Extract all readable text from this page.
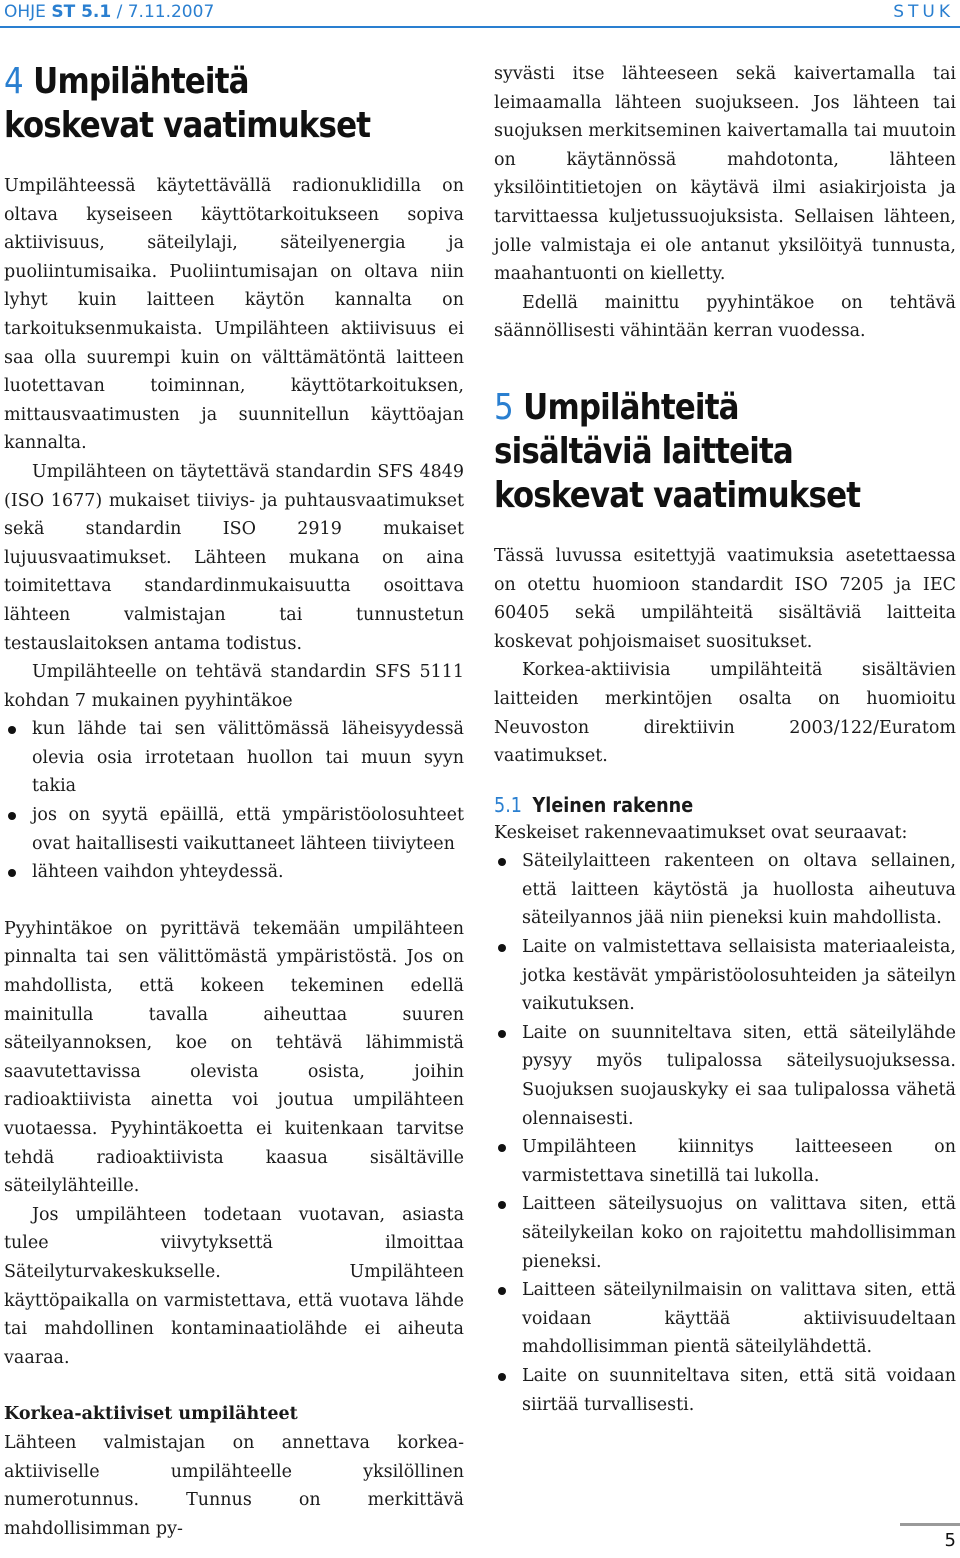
OHJE ST 5.1 / 7.11.2007	STUK
4 Umpilähteitä
koskevat vaatimukset

Umpilähteessä käytettävällä radionuklidilla on oltava kyseiseen käyttötarkoitukseen sopiva aktiivisuus, säteilylaji, säteilyenergia ja puoliintumisaika. Puoliintumisajan on oltava niin lyhyt kuin laitteen käytön kannalta on tarkoituksenmukaista. Umpilähteen aktiivisuus ei saa olla suurempi kuin on välttämätöntä laitteen luotettavan toiminnan, käyttötarkoituksen, mittausvaatimusten ja suunnitellun käyttöajan kannalta.

Umpilähteen on täytettävä standardin SFS 4849 (ISO 1677) mukaiset tiiviys- ja puhtausvaatimukset sekä standardin ISO 2919 mukaiset lujuusvaatimukset. Lähteen mukana on aina toimitettava standardinmukaisuutta osoittava lähteen valmistajan tai tunnustetun testauslaitoksen antama todistus.

Umpilähteelle on tehtävä standardin SFS 5111 kohdan 7 mukainen pyyhintäkoe

kun lähde tai sen välittömässä läheisyydessä olevia osia irrotetaan huollon tai muun syyn takia
jos on syytä epäillä, että ympäristöolosuhteet ovat haitallisesti vaikuttaneet lähteen tiiviyteen
lähteen vaihdon yhteydessä.

Pyyhintäkoe on pyrittävä tekemään umpilähteen pinnalta tai sen välittömästä ympäristöstä. Jos on mahdollista, että kokeen tekeminen edellä mainitulla tavalla aiheuttaa suuren säteilyannoksen, koe on tehtävä lähimmistä saavutettavissa olevista osista, joihin radioaktiivista ainetta voi joutua umpilähteen vuotaessa. Pyyhintäkoetta ei kuitenkaan tarvitse tehdä radioaktiivista kaasua sisältäville säteilylähteille.

Jos umpilähteen todetaan vuotavan, asiasta tulee viivytyksettä ilmoittaa Säteilyturvakeskukselle. Umpilähteen käyttöpaikalla on varmistettava, että vuotava lähde tai mahdollinen kontaminaatiolähde ei aiheuta vaaraa.

Korkea-aktiiviset umpilähteet

Lähteen valmistajan on annettava korkea-aktiiviselle umpilähteelle yksilöllinen numerotunnus. Tunnus on merkittävä mahdollisimman py-

syvästi itse lähteeseen sekä kaivertamalla tai leimaamalla lähteen suojukseen. Jos lähteen tai suojuksen merkitseminen kaivertamalla tai muutoin on käytännössä mahdotonta, lähteen yksilöintitietojen on käytävä ilmi asiakirjoista ja tarvittaessa kuljetussuojuksista. Sellaisen lähteen, jolle valmistaja ei ole antanut yksilöityä tunnusta, maahantuonti on kielletty.

Edellä mainittu pyyhintäkoe on tehtävä säännöllisesti vähintään kerran vuodessa.

5 Umpilähteitä
sisältäviä laitteita
koskevat vaatimukset

Tässä luvussa esitettyjä vaatimuksia asetettaessa on otettu huomioon standardit ISO 7205 ja IEC 60405 sekä umpilähteitä sisältäviä laitteita koskevat pohjoismaiset suositukset.

Korkea-aktiivisia umpilähteitä sisältävien laitteiden merkintöjen osalta on huomioitu Neuvoston direktiivin 2003/122/Euratom vaatimukset.

5.1 Yleinen rakenne

Keskeiset rakennevaatimukset ovat seuraavat:

Säteilylaitteen rakenteen on oltava sellainen, että laitteen käytöstä ja huollosta aiheutuva säteilyannos jää niin pieneksi kuin mahdollista.
Laite on valmistettava sellaisista materiaaleista, jotka kestävät ympäristöolosuhteiden ja säteilyn vaikutuksen.
Laite on suunniteltava siten, että säteilylähde pysyy myös tulipalossa säteilysuojuksessa. Suojuksen suojauskyky ei saa tulipalossa vähetä olennaisesti.
Umpilähteen kiinnitys laitteeseen on varmistettava sinetillä tai lukolla.
Laitteen säteilysuojus on valittava siten, että säteilykeilan koko on rajoitettu mahdollisimman pieneksi.
Laitteen säteilynilmaisin on valittava siten, että voidaan käyttää aktiivisuudeltaan mahdollisimman pientä säteilylähdettä.
Laite on suunniteltava siten, että sitä voidaan siirtää turvallisesti.
5
